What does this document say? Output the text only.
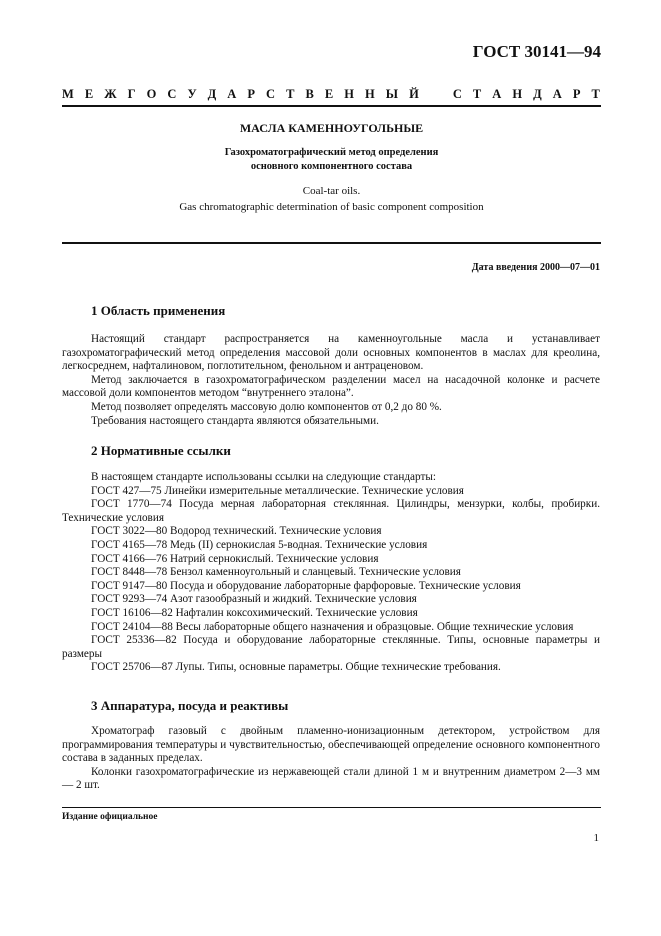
ГОСТ 30141—94
М Е Ж Г О С У Д А Р С Т В Е Н Н Ы Й	С Т А Н Д А Р Т
МАСЛА КАМЕННОУГОЛЬНЫЕ
Газохроматографический метод определения
основного компонентного состава
Coal-tar oils.
Gas chromatographic determination of basic component composition
Дата введения 2000—07—01
1 Область применения

Настоящий стандарт распространяется на каменноугольные масла и устанавливает газохроматографический метод определения массовой доли основных компонентов в маслах для креолина, легкосреднем, нафталиновом, поглотительном, фенольном и антраценовом.

Метод заключается в газохроматографическом разделении масел на насадочной колонке и расчете массовой доли компонентов методом “внутреннего эталона”.

Метод позволяет определять массовую долю компонентов от 0,2 до 80 %.

Требования настоящего стандарта являются обязательными.

2 Нормативные ссылки

В настоящем стандарте использованы ссылки на следующие стандарты:

ГОСТ 427—75 Линейки измерительные металлические. Технические условия

ГОСТ 1770—74 Посуда мерная лабораторная стеклянная. Цилиндры, мензурки, колбы, пробирки. Технические условия

ГОСТ 3022—80 Водород технический. Технические условия

ГОСТ 4165—78 Медь (II) сернокислая 5-водная. Технические условия

ГОСТ 4166—76 Натрий сернокислый. Технические условия

ГОСТ 8448—78 Бензол каменноугольный и сланцевый. Технические условия

ГОСТ 9147—80 Посуда и оборудование лабораторные фарфоровые. Технические условия

ГОСТ 9293—74 Азот газообразный и жидкий. Технические условия

ГОСТ 16106—82 Нафталин коксохимический. Технические условия

ГОСТ 24104—88 Весы лабораторные общего назначения и образцовые. Общие технические условия

ГОСТ 25336—82 Посуда и оборудование лабораторные стеклянные. Типы, основные параметры и размеры

ГОСТ 25706—87 Лупы. Типы, основные параметры. Общие технические требования.

3 Аппаратура, посуда и реактивы

Хроматограф газовый с двойным пламенно-ионизационным детектором, устройством для программирования температуры и чувствительностью, обеспечивающей определение основного компонентного состава в заданных пределах.

Колонки газохроматографические из нержавеющей стали длиной 1 м и внутренним диаметром 2—3 мм — 2 шт.

Издание официальное
1
